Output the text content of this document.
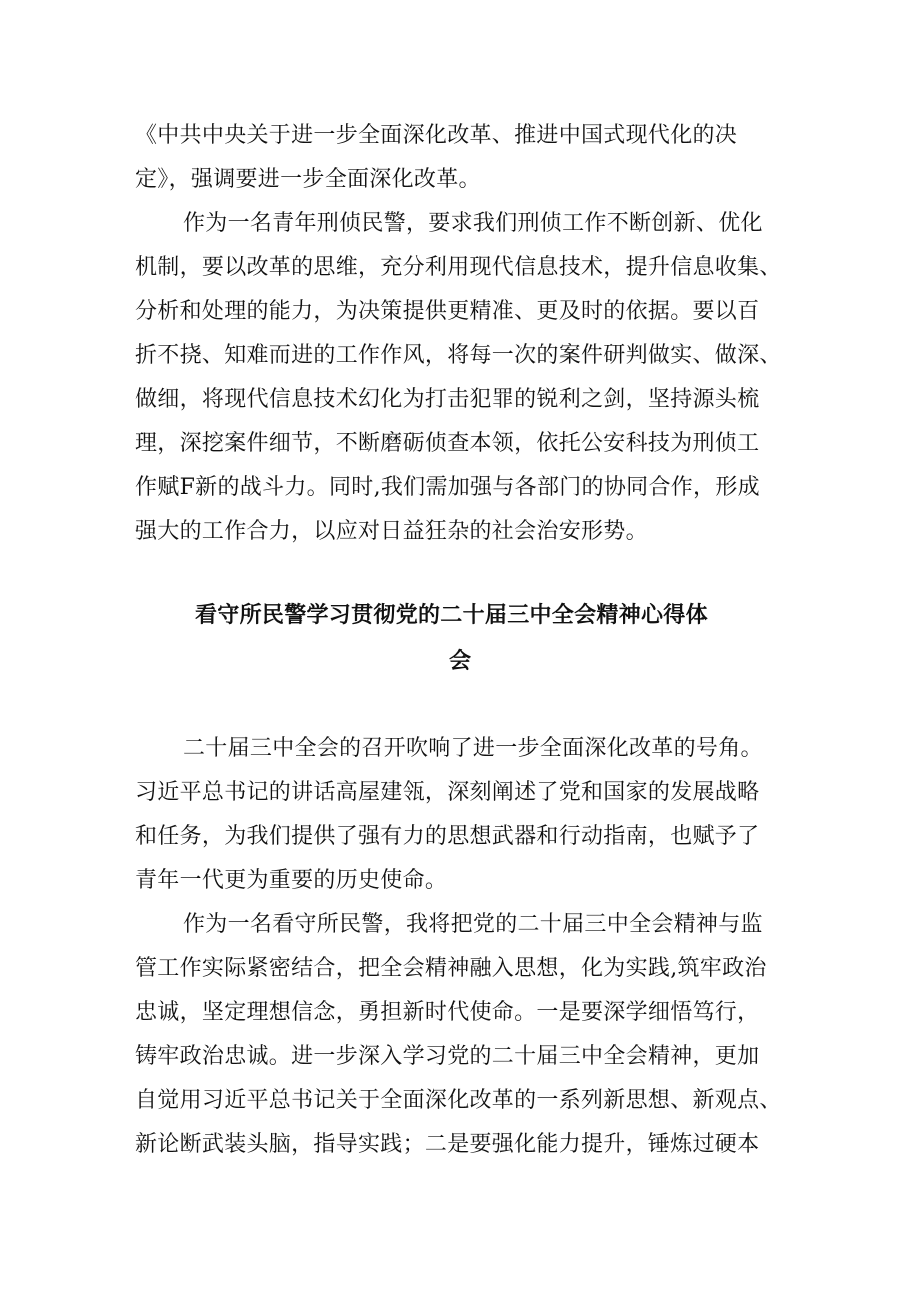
《中共中央关于进一步全面深化改革、推进中国式现代化的决
定》，强调要进一步全面深化改革。
作为一名青年刑侦民警，要求我们刑侦工作不断创新、优化
机制，要以改革的思维，充分利用现代信息技术，提升信息收集、
分析和处理的能力，为决策提供更精准、更及时的依据。要以百
折不挠、知难而进的工作作风，将每一次的案件研判做实、做深、
做细，将现代信息技术幻化为打击犯罪的锐利之剑，坚持源头梳
理，深挖案件细节，不断磨砺侦查本领，依托公安科技为刑侦工
作赋F新的战斗力。同时,我们需加强与各部门的协同合作，形成
强大的工作合力，以应对日益狂杂的社会治安形势。
看守所民警学习贯彻党的二十届三中全会精神心得体
会
二十届三中全会的召开吹响了进一步全面深化改革的号角。
习近平总书记的讲话高屋建瓴，深刻阐述了党和国家的发展战略
和任务，为我们提供了强有力的思想武器和行动指南，也赋予了
青年一代更为重要的历史使命。
作为一名看守所民警，我将把党的二十届三中全会精神与监
管工作实际紧密结合，把全会精神融入思想，化为实践,筑牢政治
忠诚，坚定理想信念，勇担新时代使命。一是要深学细悟笃行，
铸牢政治忠诚。进一步深入学习党的二十届三中全会精神，更加
自觉用习近平总书记关于全面深化改革的一系列新思想、新观点、
新论断武装头脑，指导实践；二是要强化能力提升，锤炼过硬本
